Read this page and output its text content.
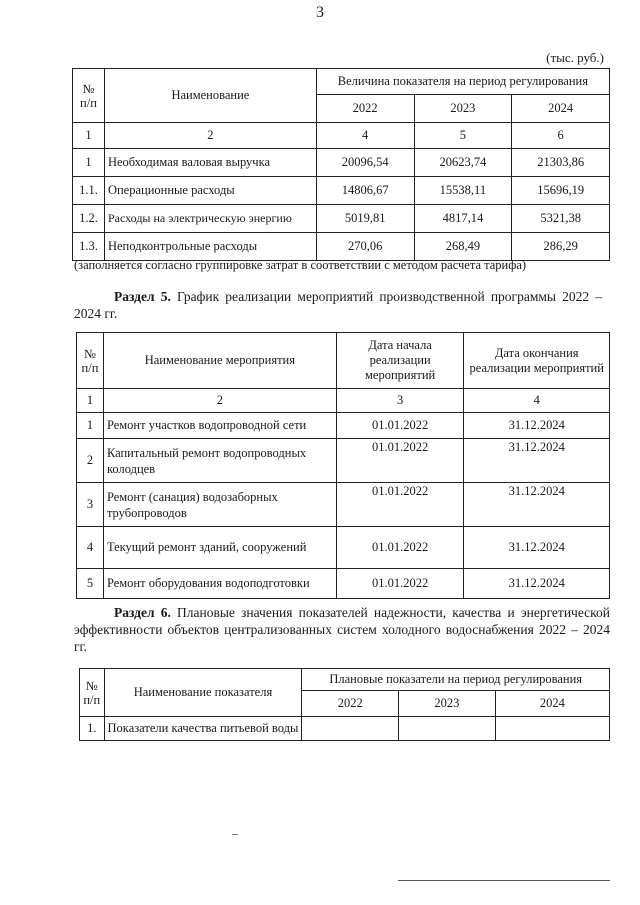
3
(тыс. руб.)
№
п/п	Наименование	Величина показателя на период регулирования		
		2022	2023	2024
1	2	4	5	6
1	Необходимая валовая выручка	20096,54	20623,74	21303,86
1.1.	Операционные расходы	14806,67	15538,11	15696,19
1.2.	Расходы на электрическую энергию	5019,81	4817,14	5321,38
1.3.	Неподконтрольные расходы	270,06	268,49	286,29
(заполняется согласно группировке затрат в соответствии с методом расчета тарифа)
Раздел 5. График реализации мероприятий производственной программы 2022 – 2024 гг.
№
п/п	Наименование мероприятия	Дата начала реализации мероприятий	Дата окончания реализации мероприятий
1	2	3	4
1	Ремонт участков водопроводной сети	01.01.2022	31.12.2024
2	Капитальный ремонт водопроводных колодцев	01.01.2022	31.12.2024
3	Ремонт (санация) водозаборных трубопроводов	01.01.2022	31.12.2024
4	Текущий ремонт зданий, сооружений	01.01.2022	31.12.2024
5	Ремонт оборудования водоподготовки	01.01.2022	31.12.2024
Раздел 6. Плановые значения показателей надежности, качества и энергетической эффективности объектов централизованных систем холодного водоснабжения 2022 – 2024 гг.
№
п/п	Наименование показателя	Плановые показатели на период регулирования		
		2022	2023	2024
1.	Показатели качества питьевой воды			
